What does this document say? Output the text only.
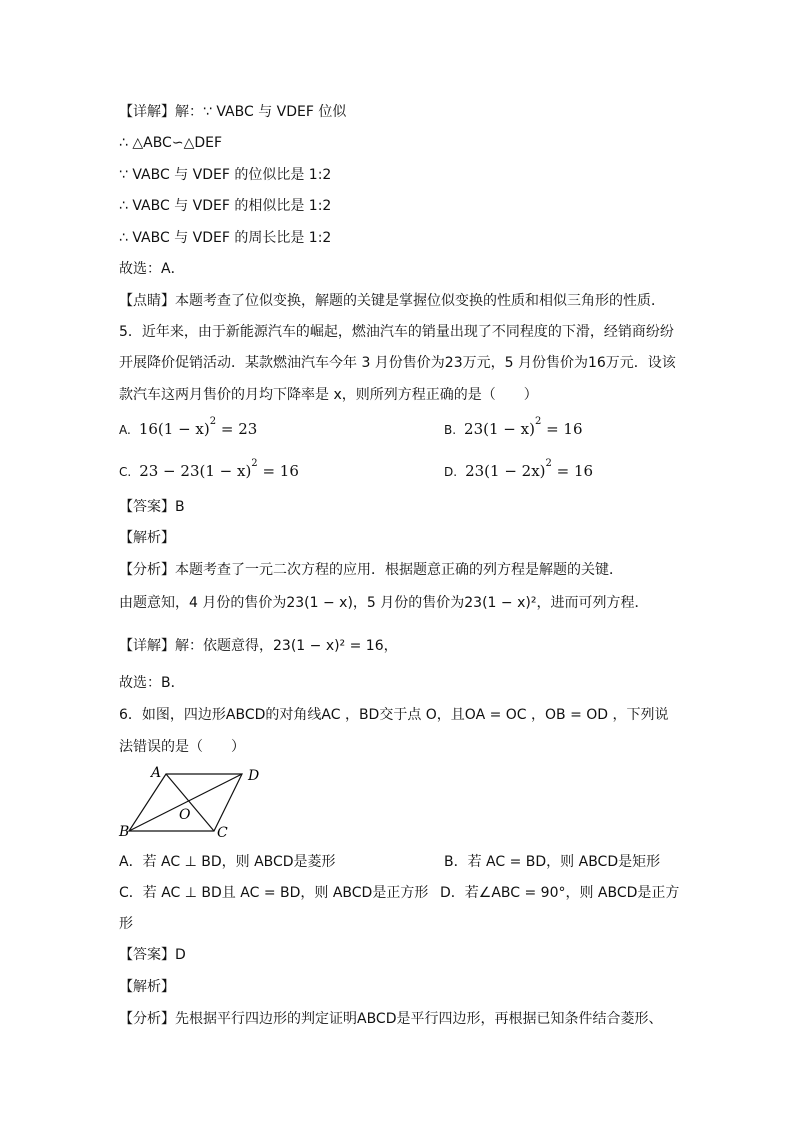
【详解】解：∵ VABC 与 VDEF 位似
∴ △ABC∽△DEF
∵ VABC 与 VDEF 的位似比是 1:2
∴ VABC 与 VDEF 的相似比是 1:2
∴ VABC 与 VDEF 的周长比是 1:2
故选：A．
【点睛】本题考查了位似变换，解题的关键是掌握位似变换的性质和相似三角形的性质．
5．近年来，由于新能源汽车的崛起，燃油汽车的销量出现了不同程度的下滑，经销商纷纷
开展降价促销活动．某款燃油汽车今年 3 月份售价为23万元，5 月份售价为16万元．设该
款汽车这两月售价的月均下降率是 x，则所列方程正确的是（　　）
A. $16(1 - x)^2 = 23$	B. $23(1 - x)^2 = 16$
C. $23 - 23(1 - x)^2 = 16$	D. $23(1 - 2x)^2 = 16$
【答案】B
【解析】
【分析】本题考查了一元二次方程的应用．根据题意正确的列方程是解题的关键．
由题意知，4 月份的售价为23(1 − x)，5 月份的售价为23(1 − x)²，进而可列方程．
【详解】解：依题意得，23(1 − x)² = 16，
故选：B．
6．如图，四边形ABCD的对角线AC ，BD交于点 O，且OA = OC ，OB = OD ，下列说
法错误的是（　　）
A	D
B	C
O
A．若 AC ⊥ BD，则 ABCD是菱形	B．若 AC = BD，则 ABCD是矩形
C．若 AC ⊥ BD且 AC = BD，则 ABCD是正方形 D．若∠ABC = 90°，则 ABCD是正方
形
【答案】D
【解析】
【分析】先根据平行四边形的判定证明ABCD是平行四边形，再根据已知条件结合菱形、
